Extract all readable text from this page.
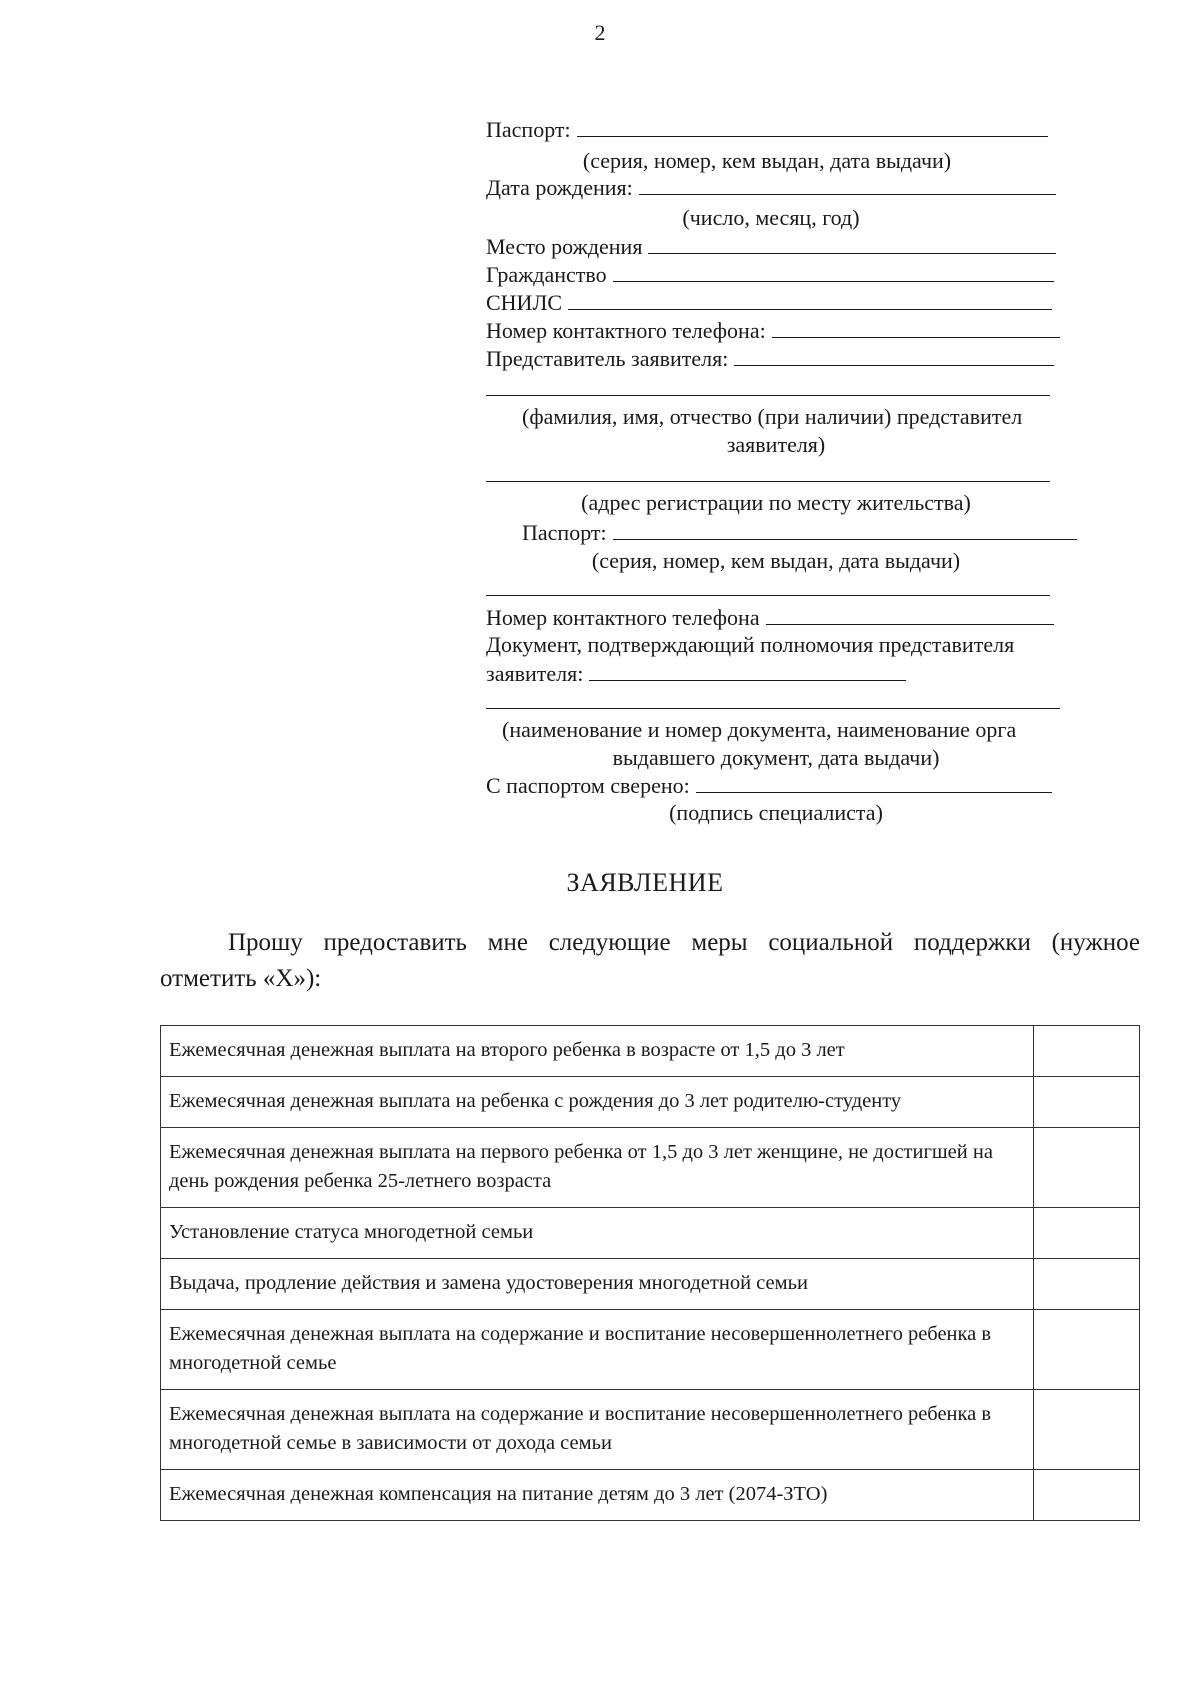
2
Паспорт:
(серия, номер, кем выдан, дата выдачи)
Дата рождения:
(число, месяц, год)
Место рождения
Гражданство
СНИЛС
Номер контактного телефона:
Представитель заявителя:
(фамилия, имя, отчество (при наличии) представител
заявителя)
(адрес регистрации по месту жительства)
Паспорт:
(серия, номер, кем выдан, дата выдачи)
Номер контактного телефона
Документ, подтверждающий полномочия представителя
заявителя:
(наименование и номер документа, наименование орга
выдавшего документ, дата выдачи)
С паспортом сверено:
(подпись специалиста)
ЗАЯВЛЕНИЕ
Прошу предоставить мне следующие меры социальной поддержки (нужное отметить «Х»):
Ежемесячная денежная выплата на второго ребенка в возрасте от 1,5 до 3 лет	
Ежемесячная денежная выплата на ребенка с рождения до 3 лет родителю-студенту	
Ежемесячная денежная выплата на первого ребенка от 1,5 до 3 лет женщине, не достигшей на день рождения ребенка 25-летнего возраста	
Установление статуса многодетной семьи	
Выдача, продление действия и замена удостоверения многодетной семьи	
Ежемесячная денежная выплата на содержание и воспитание несовершеннолетнего ребенка в многодетной семье	
Ежемесячная денежная выплата на содержание и воспитание несовершеннолетнего ребенка в многодетной семье в зависимости от дохода семьи	
Ежемесячная денежная компенсация на питание детям до 3 лет (2074-ЗТО)	
